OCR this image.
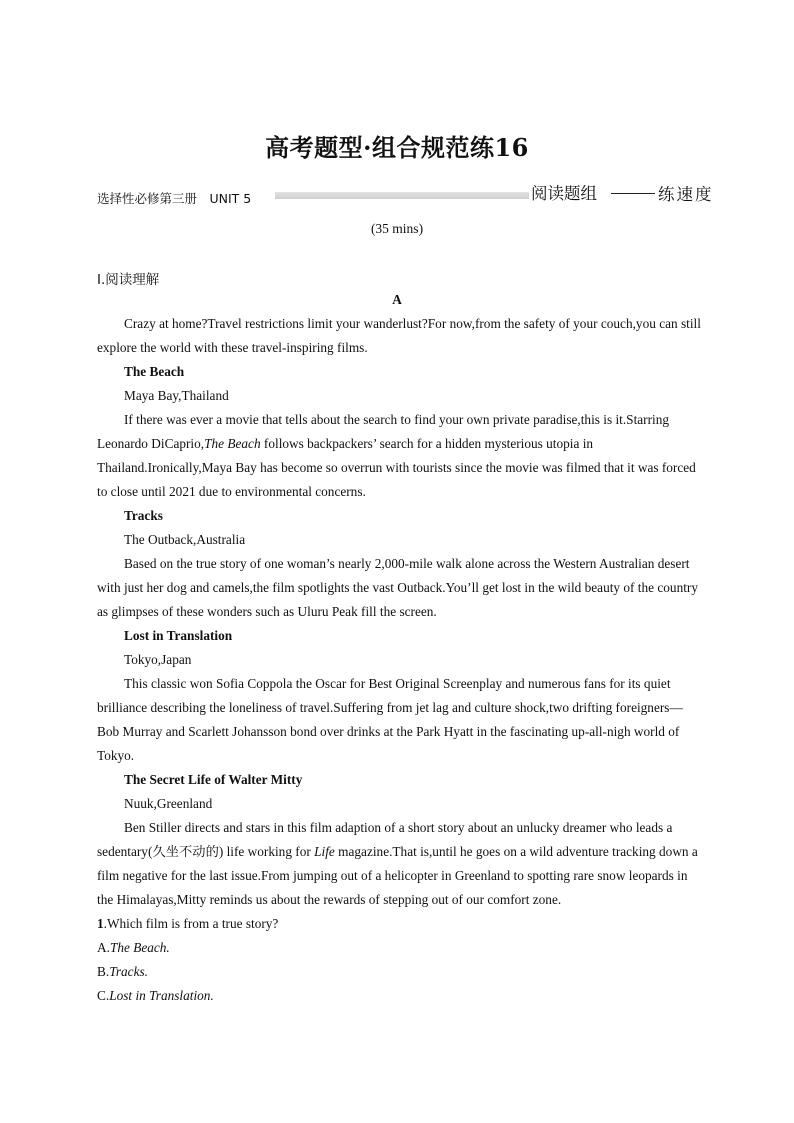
高考题型·组合规范练16
选择性必修第三册　UNIT 5	阅读题组	练速度
(35 mins)
Ⅰ.阅读理解
A

Crazy at home?Travel restrictions limit your wanderlust?For now,from the safety of your couch,you can still explore the world with these travel-inspiring films.

The Beach

Maya Bay,Thailand

If there was ever a movie that tells about the search to find your own private paradise,this is it.Starring Leonardo DiCaprio,The Beach follows backpackers’ search for a hidden mysterious utopia in Thailand.Ironically,Maya Bay has become so overrun with tourists since the movie was filmed that it was forced to close until 2021 due to environmental concerns.

Tracks

The Outback,Australia

Based on the true story of one woman’s nearly 2,000-mile walk alone across the Western Australian desert with just her dog and camels,the film spotlights the vast Outback.You’ll get lost in the wild beauty of the country as glimpses of these wonders such as Uluru Peak fill the screen.

Lost in Translation

Tokyo,Japan

This classic won Sofia Coppola the Oscar for Best Original Screenplay and numerous fans for its quiet brilliance describing the loneliness of travel.Suffering from jet lag and culture shock,two drifting foreigners—Bob Murray and Scarlett Johansson bond over drinks at the Park Hyatt in the fascinating up-all-nigh world of Tokyo.

The Secret Life of Walter Mitty

Nuuk,Greenland

Ben Stiller directs and stars in this film adaption of a short story about an unlucky dreamer who leads a sedentary(久坐不动的) life working for Life magazine.That is,until he goes on a wild adventure tracking down a film negative for the last issue.From jumping out of a helicopter in Greenland to spotting rare snow leopards in the Himalayas,Mitty reminds us about the rewards of stepping out of our comfort zone.

1.Which film is from a true story?

A.The Beach.

B.Tracks.

C.Lost in Translation.
